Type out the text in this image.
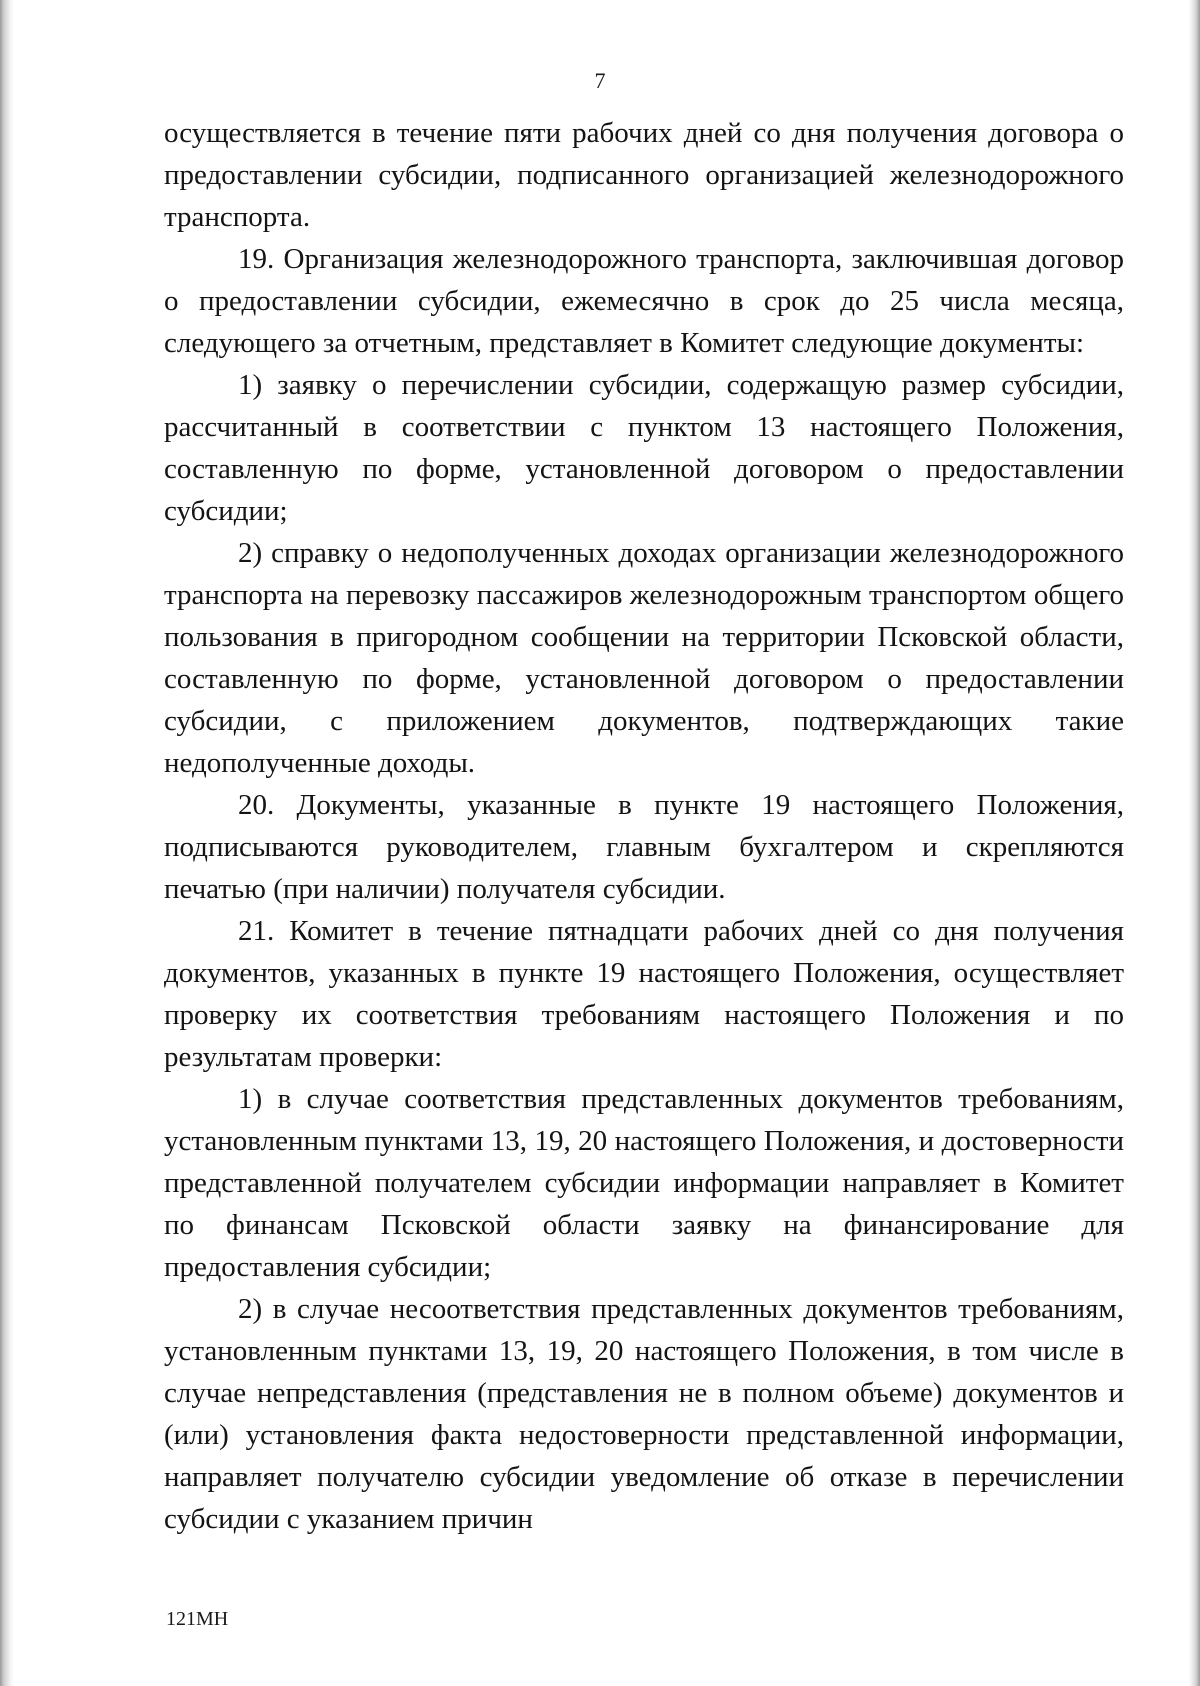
7

осуществляется в течение пяти рабочих дней со дня получения договора о предоставлении субсидии, подписанного организацией железнодорожного транспорта.

19. Организация железнодорожного транспорта, заключившая договор о предоставлении субсидии, ежемесячно в срок до 25 числа месяца, следующего за отчетным, представляет в Комитет следующие документы:

1) заявку о перечислении субсидии, содержащую размер субсидии, рассчитанный в соответствии с пунктом 13 настоящего Положения, составленную по форме, установленной договором о предоставлении субсидии;

2) справку о недополученных доходах организации железнодорожного транспорта на перевозку пассажиров железнодорожным транспортом общего пользования в пригородном сообщении на территории Псковской области, составленную по форме, установленной договором о предоставлении субсидии, с приложением документов, подтверждающих такие недополученные доходы.

20. Документы, указанные в пункте 19 настоящего Положения, подписываются руководителем, главным бухгалтером и скрепляются печатью (при наличии) получателя субсидии.

21. Комитет в течение пятнадцати рабочих дней со дня получения документов, указанных в пункте 19 настоящего Положения, осуществляет проверку их соответствия требованиям настоящего Положения и по результатам проверки:

1) в случае соответствия представленных документов требованиям, установленным пунктами 13, 19, 20 настоящего Положения, и достоверности представленной получателем субсидии информации направляет в Комитет по финансам Псковской области заявку на финансирование для предоставления субсидии;

2) в случае несоответствия представленных документов требованиям, установленным пунктами 13, 19, 20 настоящего Положения, в том числе в случае непредставления (представления не в полном объеме) документов и (или) установления факта недостоверности представленной информации, направляет получателю субсидии уведомление об отказе в перечислении субсидии с указанием причин

121МН
